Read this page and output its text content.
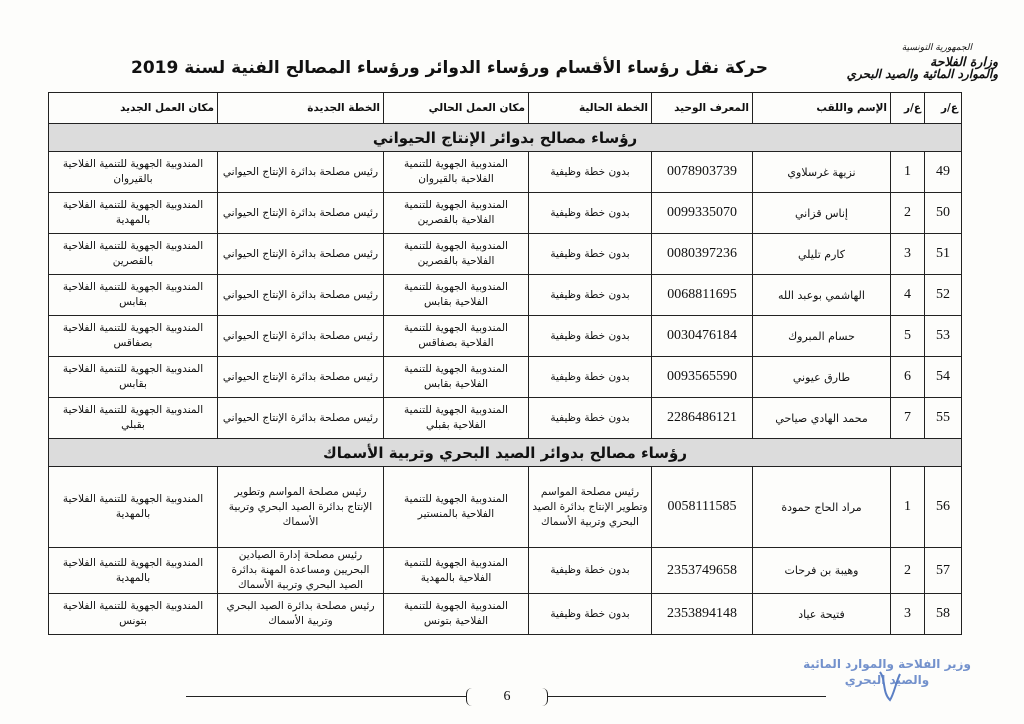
الجمهورية التونسية
وزارة الفلاحة
والموارد المائية والصيد البحري
حركة نقل رؤساء الأقسام ورؤساء الدوائر ورؤساء المصالح الفنية لسنة 2019
ع/ر	ع/ر	الإسم واللقب	المعرف الوحيد	الخطة الحالية	مكان العمل الحالي	الخطة الجديدة	مكان العمل الجديد
رؤساء مصالح بدوائر الإنتاج الحيواني							
49	1	نزيهة غرسلاوي	0078903739	بدون خطة وظيفية	المندوبية الجهوية للتنمية الفلاحية بالقيروان	رئيس مصلحة بدائرة الإنتاج الحيواني	المندوبية الجهوية للتنمية الفلاحية بالقيروان
50	2	إناس قزاني	0099335070	بدون خطة وظيفية	المندوبية الجهوية للتنمية الفلاحية بالقصرين	رئيس مصلحة بدائرة الإنتاج الحيواني	المندوبية الجهوية للتنمية الفلاحية بالمهدية
51	3	كارم تليلي	0080397236	بدون خطة وظيفية	المندوبية الجهوية للتنمية الفلاحية بالقصرين	رئيس مصلحة بدائرة الإنتاج الحيواني	المندوبية الجهوية للتنمية الفلاحية بالقصرين
52	4	الهاشمي بوعبد الله	0068811695	بدون خطة وظيفية	المندوبية الجهوية للتنمية الفلاحية بقابس	رئيس مصلحة بدائرة الإنتاج الحيواني	المندوبية الجهوية للتنمية الفلاحية بقابس
53	5	حسام المبروك	0030476184	بدون خطة وظيفية	المندوبية الجهوية للتنمية الفلاحية بصفاقس	رئيس مصلحة بدائرة الإنتاج الحيواني	المندوبية الجهوية للتنمية الفلاحية بصفاقس
54	6	طارق عيوني	0093565590	بدون خطة وظيفية	المندوبية الجهوية للتنمية الفلاحية بقابس	رئيس مصلحة بدائرة الإنتاج الحيواني	المندوبية الجهوية للتنمية الفلاحية بقابس
55	7	محمد الهادي صياحي	2286486121	بدون خطة وظيفية	المندوبية الجهوية للتنمية الفلاحية بقبلي	رئيس مصلحة بدائرة الإنتاج الحيواني	المندوبية الجهوية للتنمية الفلاحية بقبلي
رؤساء مصالح بدوائر الصيد البحري وتربية الأسماك							
56	1	مراد الحاج حمودة	0058111585	رئيس مصلحة المواسم وتطوير الإنتاج بدائرة الصيد البحري وتربية الأسماك	المندوبية الجهوية للتنمية الفلاحية بالمنستير	رئيس مصلحة المواسم وتطوير الإنتاج بدائرة الصيد البحري وتربية الأسماك	المندوبية الجهوية للتنمية الفلاحية بالمهدية
57	2	وهيبة بن فرحات	2353749658	بدون خطة وظيفية	المندوبية الجهوية للتنمية الفلاحية بالمهدية	رئيس مصلحة إدارة الصيادين البحريين ومساعدة المهنة بدائرة الصيد البحري وتربية الأسماك	المندوبية الجهوية للتنمية الفلاحية بالمهدية
58	3	فتيحة عياد	2353894148	بدون خطة وظيفية	المندوبية الجهوية للتنمية الفلاحية بتونس	رئيس مصلحة بدائرة الصيد البحري وتربية الأسماك	المندوبية الجهوية للتنمية الفلاحية بتونس
6
وزير الفلاحة والموارد المائية
والصيد البحري
